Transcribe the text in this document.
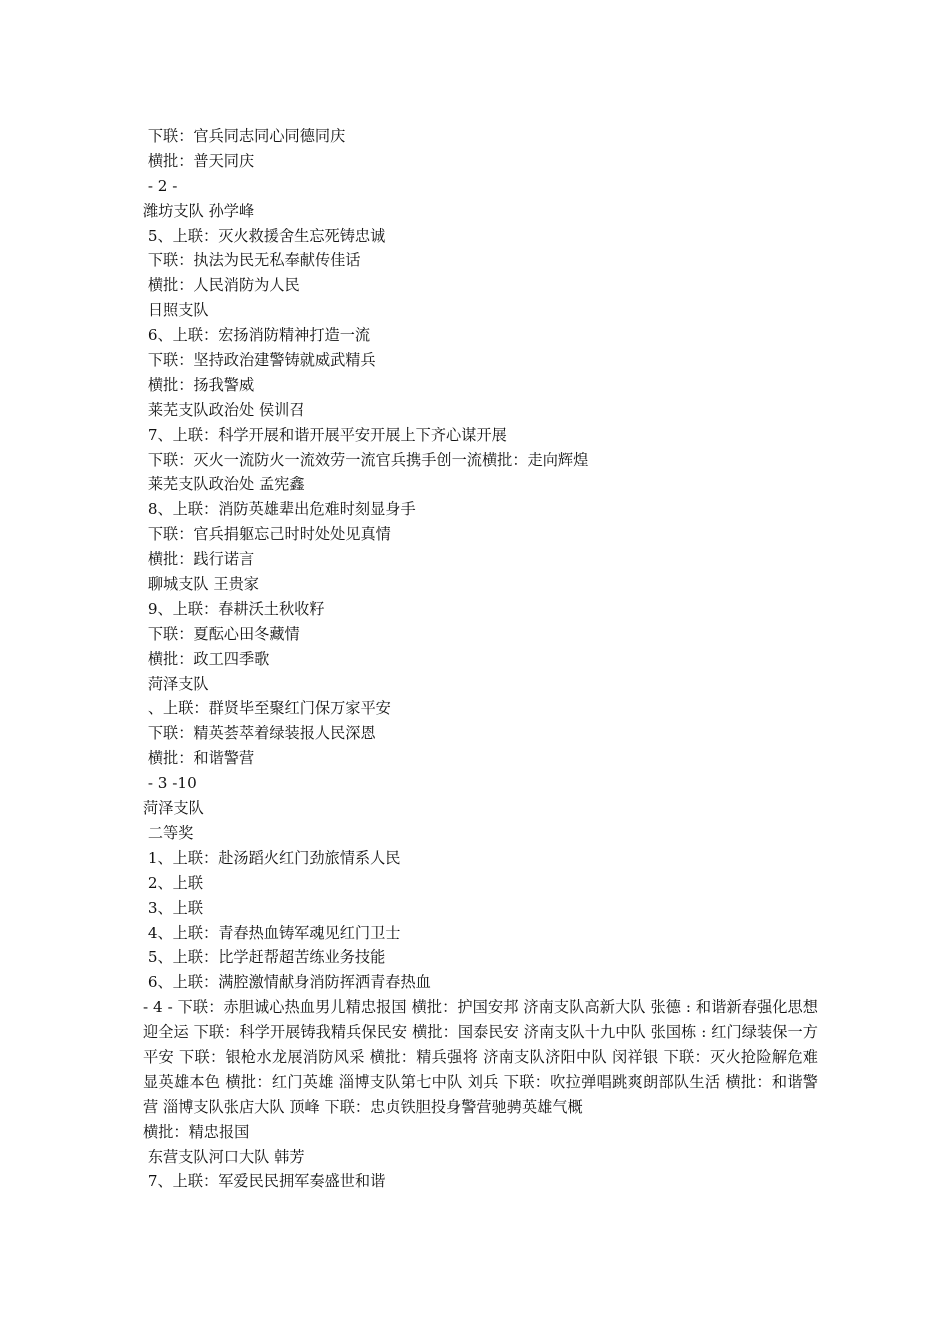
下联：官兵同志同心同德同庆
横批：普天同庆
- 2 -
潍坊支队 孙学峰
5、上联：灭火救援舍生忘死铸忠诚
下联：执法为民无私奉献传佳话
横批：人民消防为人民
日照支队
6、上联：宏扬消防精神打造一流
下联：坚持政治建警铸就威武精兵
横批：扬我警威
莱芜支队政治处 侯训召
7、上联：科学开展和谐开展平安开展上下齐心谋开展
下联：灭火一流防火一流效劳一流官兵携手创一流横批：走向辉煌
莱芜支队政治处 孟宪鑫
8、上联：消防英雄辈出危难时刻显身手
下联：官兵捐躯忘己时时处处见真情
横批：践行诺言
聊城支队 王贵家
9、上联：春耕沃土秋收籽
下联：夏酝心田冬藏情
横批：政工四季歌
菏泽支队
、上联：群贤毕至聚红门保万家平安
下联：精英荟萃着绿装报人民深恩
横批：和谐警营
- 3 -10
菏泽支队
二等奖
1、上联：赴汤蹈火红门劲旅情系人民
2、上联
3、上联
4、上联：青春热血铸军魂见红门卫士
5、上联：比学赶帮超苦练业务技能
6、上联：满腔激情献身消防挥洒青春热血
- 4 - 下联：赤胆诚心热血男儿精忠报国 横批：护国安邦 济南支队高新大队 张德 : 和谐新春强化思想迎全运 下联：科学开展铸我精兵保民安 横批：国泰民安 济南支队十九中队 张国栋 : 红门绿装保一方平安 下联：银枪水龙展消防风采 横批：精兵强将 济南支队济阳中队 闵祥银 下联：灭火抢险解危难显英雄本色 横批：红门英雄 淄博支队第七中队 刘兵 下联：吹拉弹唱跳爽朗部队生活 横批：和谐警营 淄博支队张店大队 顶峰 下联：忠贞铁胆投身警营驰骋英雄气概
横批：精忠报国
东营支队河口大队 韩芳
7、上联：军爱民民拥军奏盛世和谐
